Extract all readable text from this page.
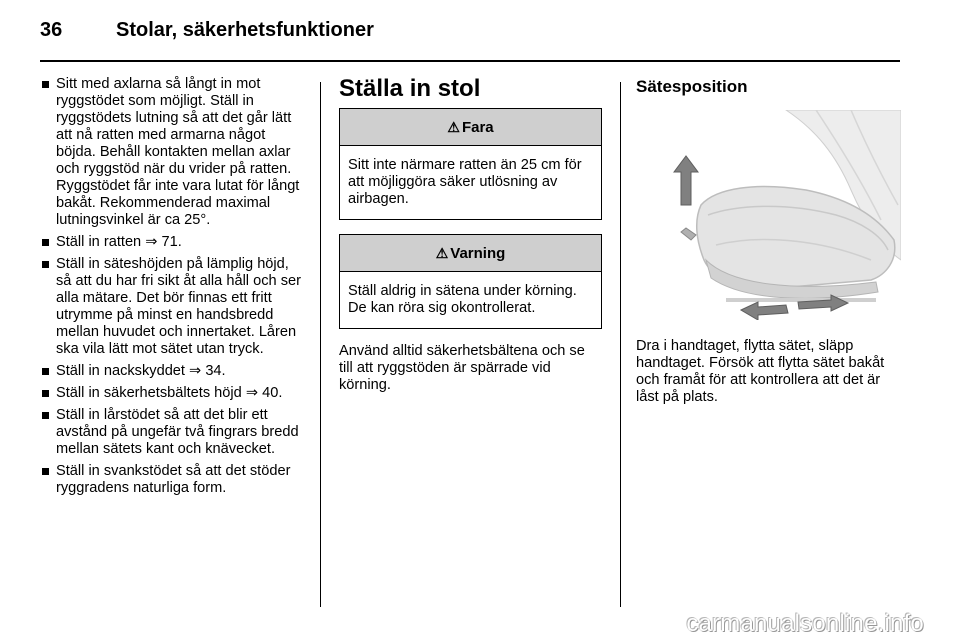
36	Stolar, säkerhetsfunktioner
Sitt med axlarna så långt in mot ryggstödet som möjligt. Ställ in ryggstödets lutning så att det går lätt att nå ratten med armarna något böjda. Behåll kontakten mellan axlar och ryggstöd när du vrider på ratten. Ryggstödet får inte vara lutat för långt bakåt. Rekommenderad maximal lutningsvinkel är ca 25°.
Ställ in ratten ⇒ 71.
Ställ in säteshöjden på lämplig höjd, så att du har fri sikt åt alla håll och ser alla mätare. Det bör finnas ett fritt utrymme på minst en handsbredd mellan huvudet och innertaket. Låren ska vila lätt mot sätet utan tryck.
Ställ in nackskyddet ⇒ 34.
Ställ in säkerhetsbältets höjd ⇒ 40.
Ställ in lårstödet så att det blir ett avstånd på ungefär två fingrars bredd mellan sätets kant och knävecket.
Ställ in svankstödet så att det stöder ryggradens naturliga form.
Ställa in stol
⚠ Fara
Sitt inte närmare ratten än 25 cm för att möjliggöra säker utlösning av airbagen.
⚠ Varning
Ställ aldrig in sätena under körning. De kan röra sig okontrollerat.
Använd alltid säkerhetsbältena och se till att ryggstöden är spärrade vid körning.
Sätesposition
Dra i handtaget, flytta sätet, släpp handtaget. Försök att flytta sätet bakåt och framåt för att kontrollera att det är låst på plats.
carmanualsonline.info
